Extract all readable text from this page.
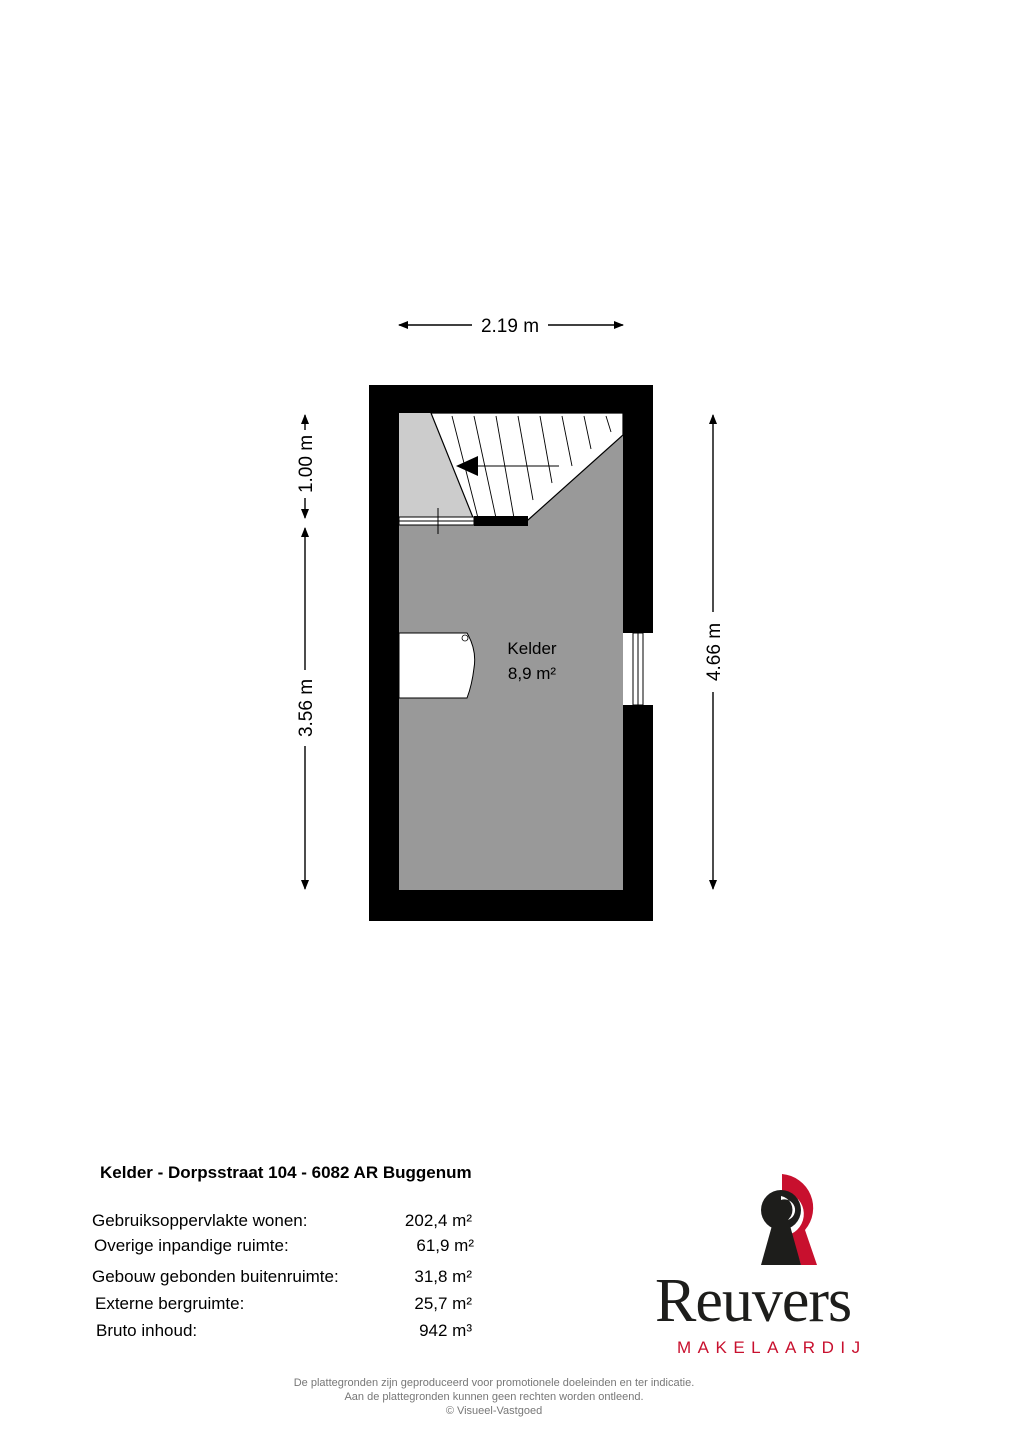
Kelder
8,9 m²
2.19 m
1.00 m
3.56 m
4.66 m
Kelder - Dorpsstraat 104 - 6082 AR Buggenum
Gebruiksoppervlakte wonen:	202,4 m²
Overige inpandige ruimte:	61,9 m²
Gebouw gebonden buitenruimte:	31,8 m²
Externe bergruimte:	25,7 m²
Bruto inhoud:	942 m³	Reuvers
MAKELAARDIJ
De plattegronden zijn geproduceerd voor promotionele doeleinden en ter indicatie.
Aan de plattegronden kunnen geen rechten worden ontleend.
© Visueel-Vastgoed
